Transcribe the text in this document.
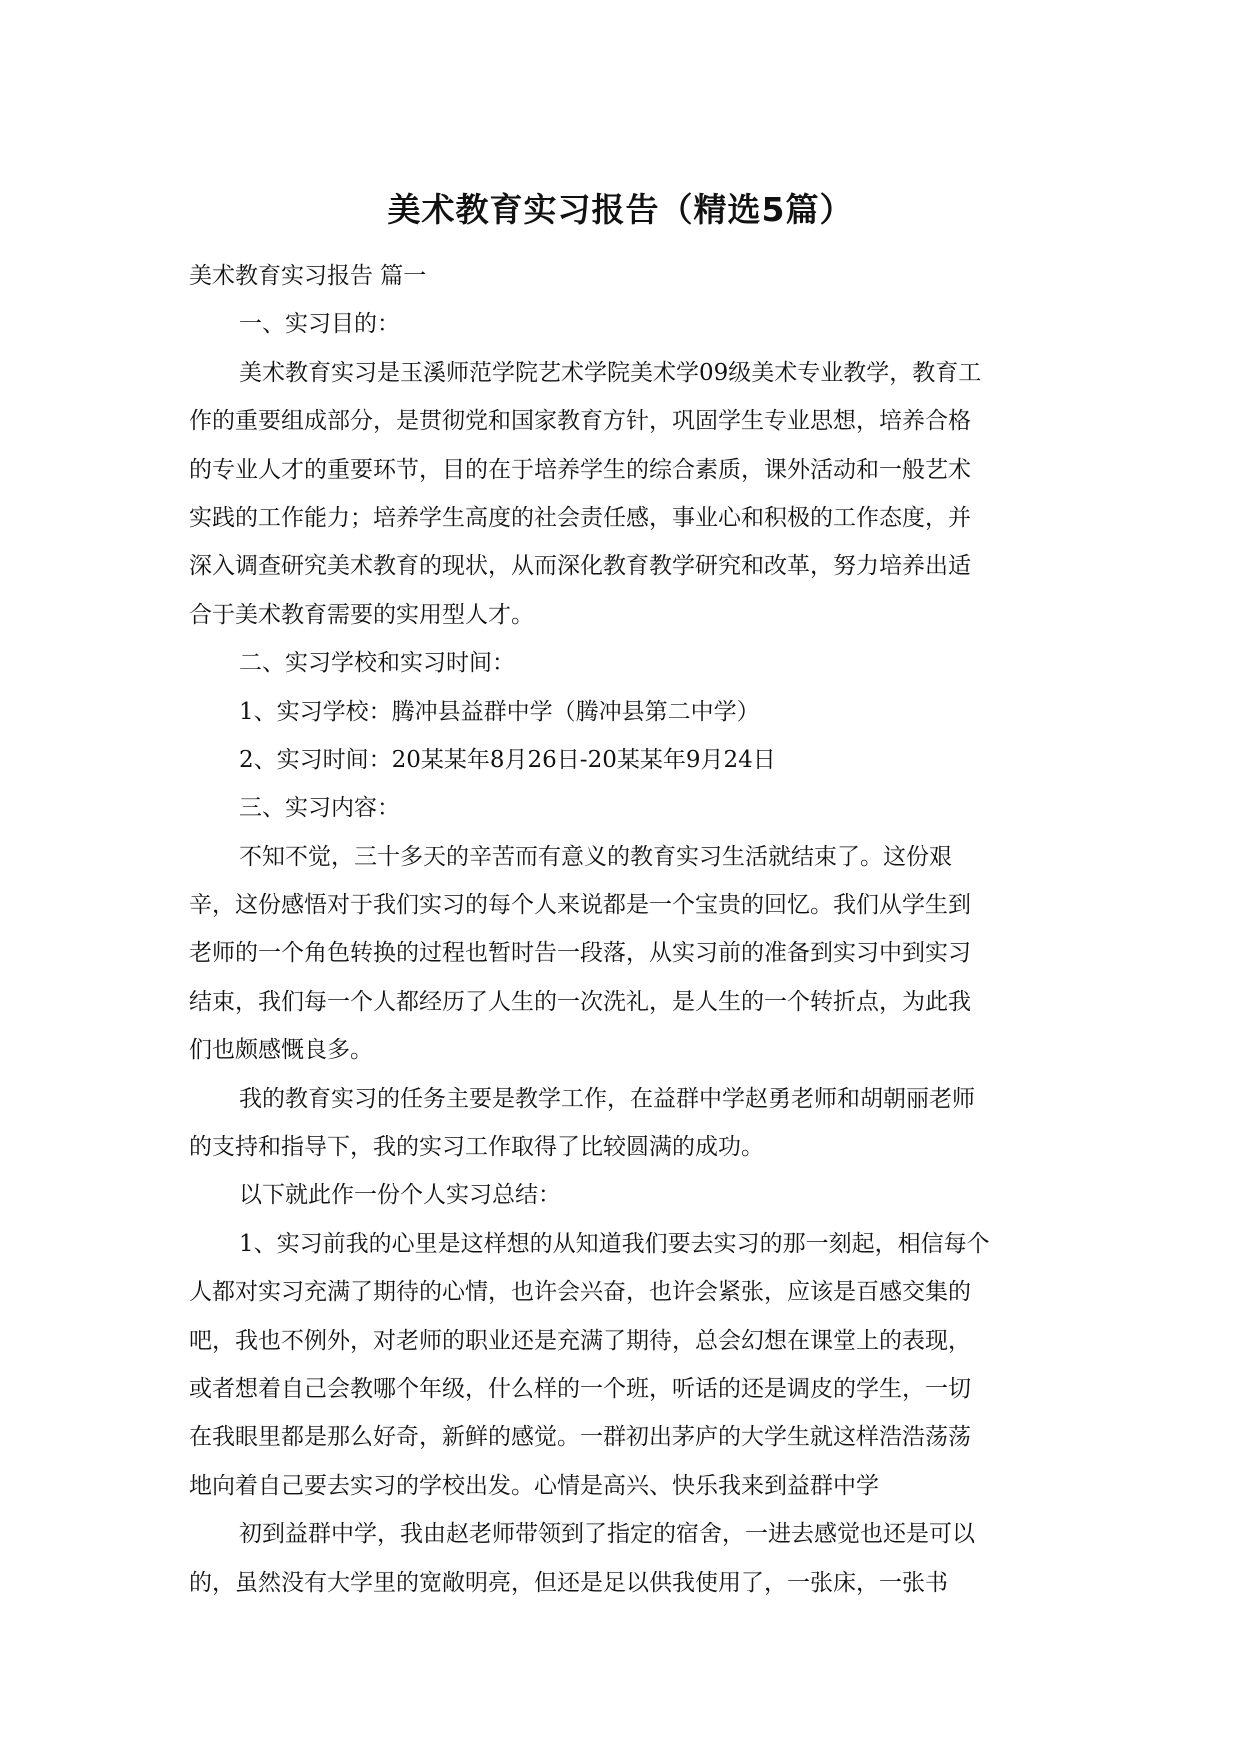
美术教育实习报告（精选5篇）
美术教育实习报告 篇一
一、实习目的：
美术教育实习是玉溪师范学院艺术学院美术学09级美术专业教学，教育工
作的重要组成部分，是贯彻党和国家教育方针，巩固学生专业思想，培养合格
的专业人才的重要环节，目的在于培养学生的综合素质，课外活动和一般艺术
实践的工作能力；培养学生高度的社会责任感，事业心和积极的工作态度，并
深入调查研究美术教育的现状，从而深化教育教学研究和改革，努力培养出适
合于美术教育需要的实用型人才。
二、实习学校和实习时间：
1、实习学校：腾冲县益群中学（腾冲县第二中学）
2、实习时间：20某某年8月26日-20某某年9月24日
三、实习内容：
不知不觉，三十多天的辛苦而有意义的教育实习生活就结束了。这份艰
辛，这份感悟对于我们实习的每个人来说都是一个宝贵的回忆。我们从学生到
老师的一个角色转换的过程也暂时告一段落，从实习前的准备到实习中到实习
结束，我们每一个人都经历了人生的一次洗礼，是人生的一个转折点，为此我
们也颇感慨良多。
我的教育实习的任务主要是教学工作，在益群中学赵勇老师和胡朝丽老师
的支持和指导下，我的实习工作取得了比较圆满的成功。
以下就此作一份个人实习总结：
1、实习前我的心里是这样想的从知道我们要去实习的那一刻起，相信每个
人都对实习充满了期待的心情，也许会兴奋，也许会紧张，应该是百感交集的
吧，我也不例外，对老师的职业还是充满了期待，总会幻想在课堂上的表现，
或者想着自己会教哪个年级，什么样的一个班，听话的还是调皮的学生，一切
在我眼里都是那么好奇，新鲜的感觉。一群初出茅庐的大学生就这样浩浩荡荡
地向着自己要去实习的学校出发。心情是高兴、快乐我来到益群中学
初到益群中学，我由赵老师带领到了指定的宿舍，一进去感觉也还是可以
的，虽然没有大学里的宽敞明亮，但还是足以供我使用了，一张床，一张书
